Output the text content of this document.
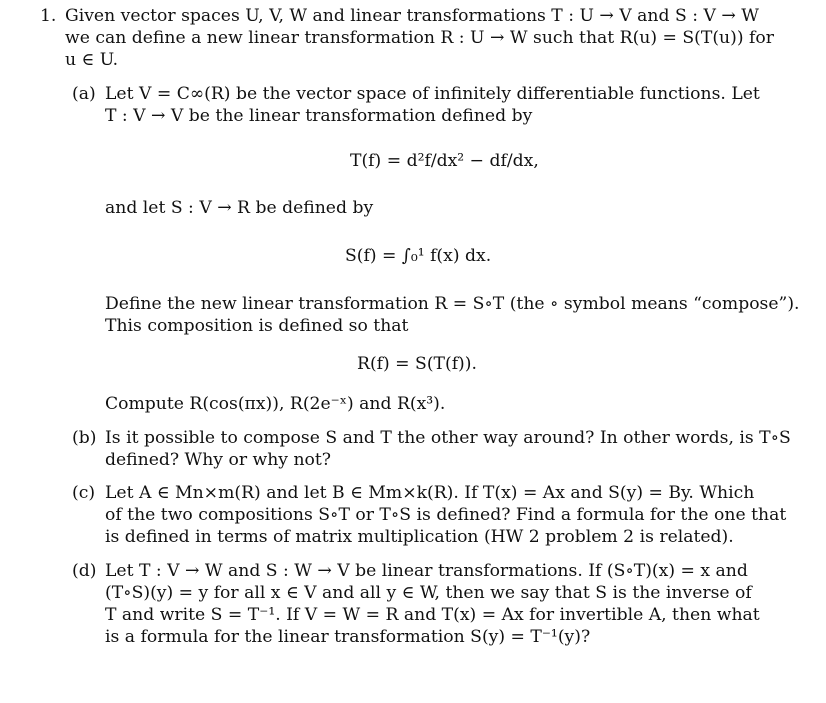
1. Given vector spaces U, V, W and linear transformations T : U → V and S : V → W
we can define a new linear transformation R : U → W such that R(u) = S(T(u)) for
u ∈ U.
(a) Let V = C∞(R) be the vector space of infinitely differentiable functions. Let
T : V → V be the linear transformation defined by
T(f) = d²f/dx² − df/dx,
and let S : V → R be defined by
S(f) = ∫₀¹ f(x) dx.
Define the new linear transformation R = S∘T (the ∘ symbol means “compose”).
This composition is defined so that
R(f) = S(T(f)).
Compute R(cos(πx)), R(2e⁻ˣ) and R(x³).
(b) Is it possible to compose S and T the other way around? In other words, is T∘S
defined? Why or why not?
(c) Let A ∈ Mn×m(R) and let B ∈ Mm×k(R). If T(x) = Ax and S(y) = By. Which
of the two compositions S∘T or T∘S is defined? Find a formula for the one that
is defined in terms of matrix multiplication (HW 2 problem 2 is related).
(d) Let T : V → W and S : W → V be linear transformations. If (S∘T)(x) = x and
(T∘S)(y) = y for all x ∈ V and all y ∈ W, then we say that S is the inverse of
T and write S = T⁻¹. If V = W = R and T(x) = Ax for invertible A, then what
is a formula for the linear transformation S(y) = T⁻¹(y)?
